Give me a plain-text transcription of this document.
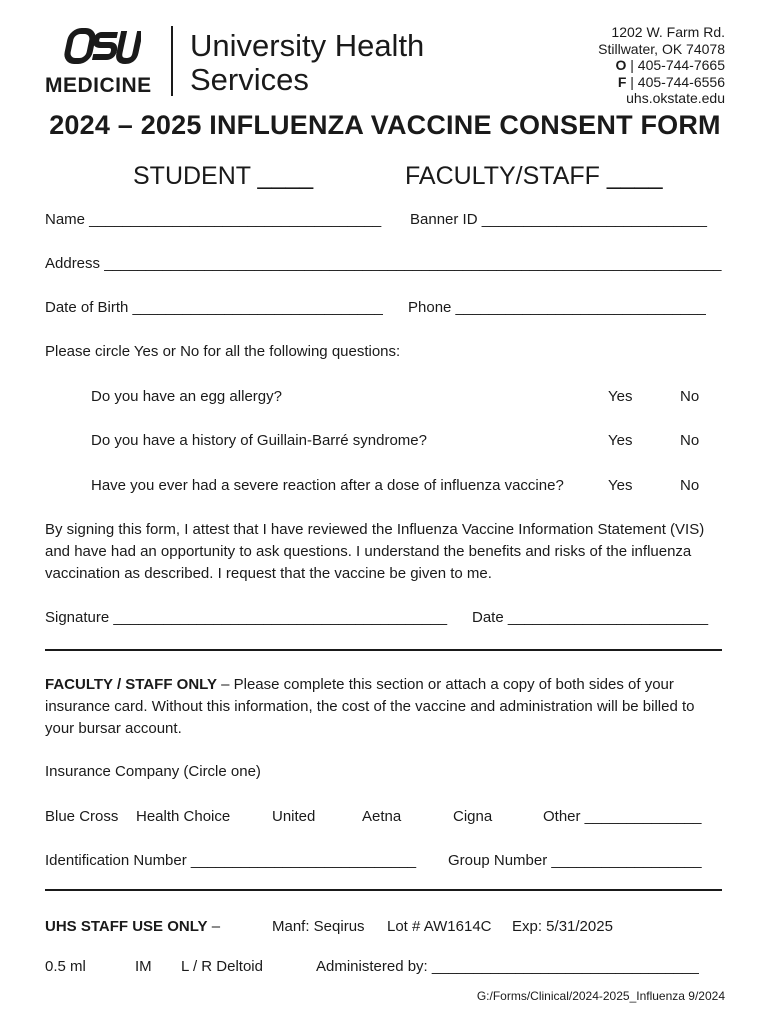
MEDICINE
University Health
Services
1202 W. Farm Rd.
Stillwater, OK 74078
O | 405-744-7665
F | 405-744-6556
uhs.okstate.edu
2024 – 2025 INFLUENZA VACCINE CONSENT FORM
STUDENT ____	FACULTY/STAFF ____
Name ___________________________________ Banner ID ___________________________
Address __________________________________________________________________________
Date of Birth ______________________________ Phone ______________________________
Please circle Yes or No for all the following questions:
Do you have an egg allergy?	Yes	No
Do you have a history of Guillain-Barré syndrome?	Yes	No
Have you ever had a severe reaction after a dose of influenza vaccine?	Yes	No
By signing this form, I attest that I have reviewed the Influenza Vaccine Information Statement (VIS) and have had an opportunity to ask questions. I understand the benefits and risks of the influenza vaccination as described. I request that the vaccine be given to me.
Signature ________________________________________ Date ________________________
FACULTY / STAFF ONLY – Please complete this section or attach a copy of both sides of your insurance card. Without this information, the cost of the vaccine and administration will be billed to your bursar account.
Insurance Company (Circle one)
Blue Cross Health Choice	United	Aetna	Cigna	Other ______________
Identification Number ___________________________ Group Number __________________
UHS STAFF USE ONLY –	Manf: Seqirus Lot # AW1614C Exp: 5/31/2025
0.5 ml	IM L / R Deltoid	Administered by: ________________________________
G:/Forms/Clinical/2024-2025_Influenza 9/2024
